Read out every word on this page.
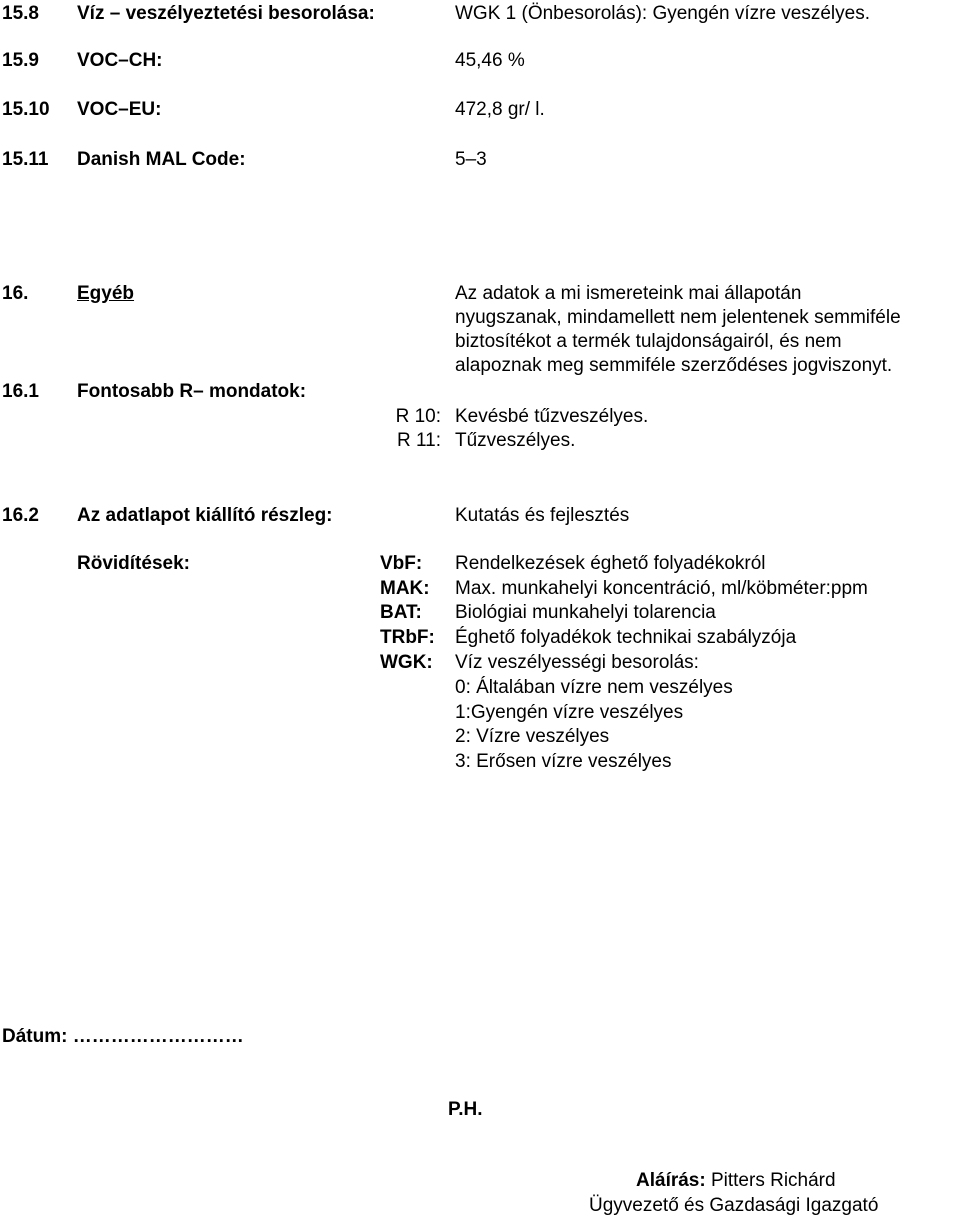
15.8 Víz – veszélyeztetési besorolása:	WGK 1 (Önbesorolás): Gyengén vízre veszélyes.
15.9 VOC–CH:	45,46 %
15.10 VOC–EU:	472,8 gr/ l.
15.11 Danish MAL Code:	5–3
16.	Egyéb	Az adatok a mi ismereteink mai állapotán
nyugszanak, mindamellett nem jelentenek semmiféle
biztosítékot a termék tulajdonságairól, és nem
alapoznak meg semmiféle szerződéses jogviszonyt.
16.1 Fontosabb R– mondatok:
R 10: Kevésbé tűzveszélyes.
R 11: Tűzveszélyes.
16.2 Az adatlapot kiállító részleg:	Kutatás és fejlesztés
Rövidítések:	VbF: Rendelkezések éghető folyadékokról
MAK: Max. munkahelyi koncentráció, ml/köbméter:ppm
BAT: Biológiai munkahelyi tolarencia
TRbF: Éghető folyadékok technikai szabályzója
WGK: Víz veszélyességi besorolás:
0: Általában vízre nem veszélyes
1:Gyengén vízre veszélyes
2: Vízre veszélyes
3: Erősen vízre veszélyes
Dátum: ………………………
P.H.
Aláírás: Pitters Richárd
Ügyvezető és Gazdasági Igazgató
